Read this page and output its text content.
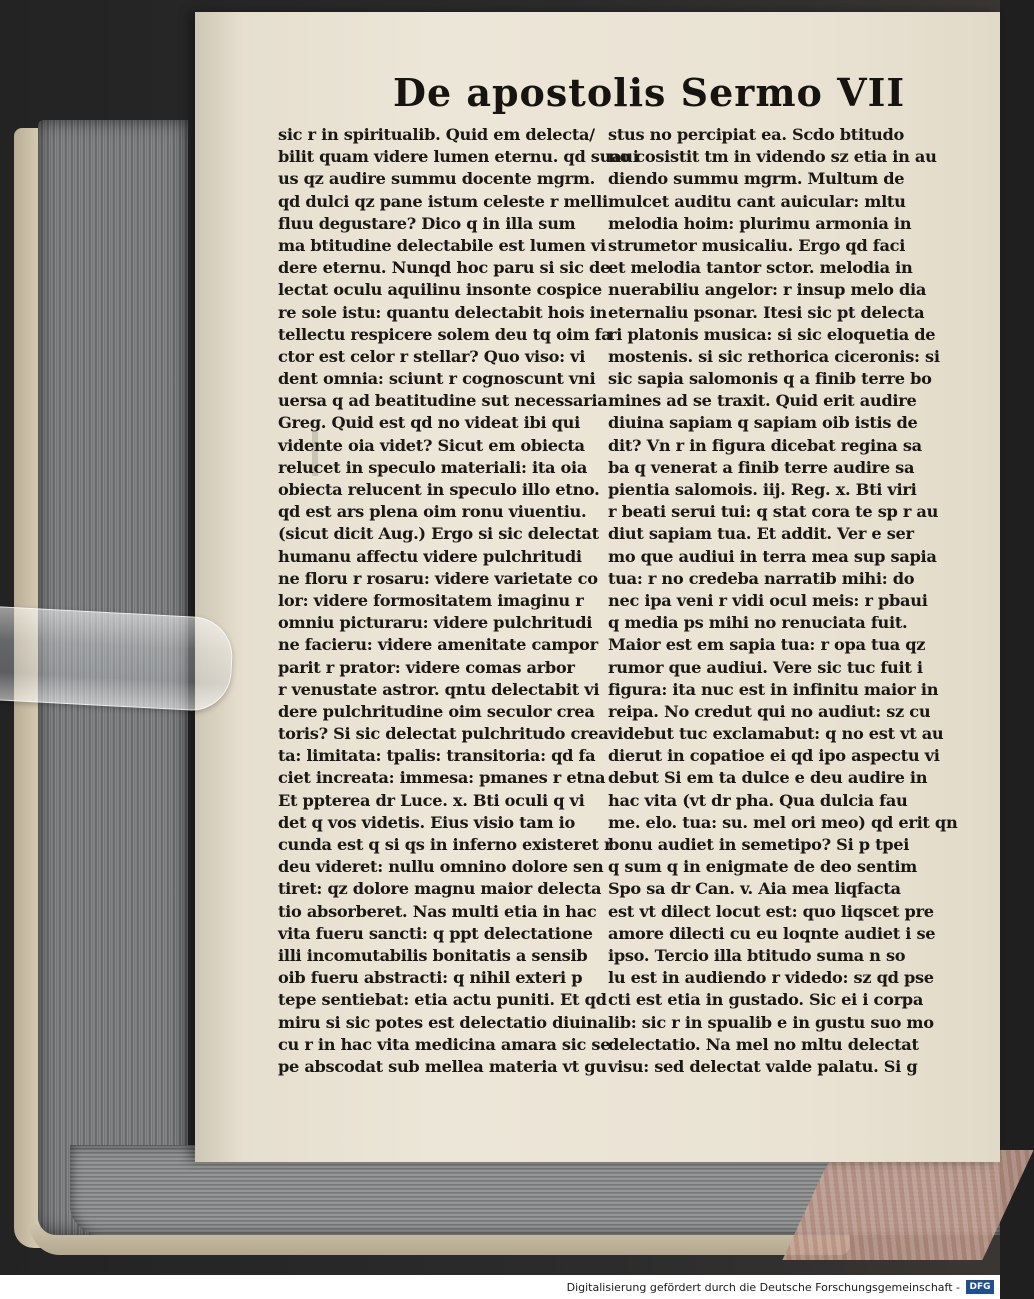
De apostolis Sermo VII
sic r in spiritualib. Quid em delecta/
bilit quam videre lumen eternu. qd suaui
us qz audire summu docente mgrm.
qd dulci qz pane istum celeste r melli
fluu degustare? Dico q in illa sum
ma btitudine delectabile est lumen vi
dere eternu. Nunqd hoc paru si sic de
lectat oculu aquilinu insonte cospice
re sole istu: quantu delectabit hois in
tellectu respicere solem deu tq oim fa
ctor est celor r stellar? Quo viso: vi
dent omnia: sciunt r cognoscunt vni
uersa q ad beatitudine sut necessaria
Greg. Quid est qd no videat ibi qui
vidente oia videt? Sicut em obiecta
relucet in speculo materiali: ita oia
obiecta relucent in speculo illo etno.
qd est ars plena oim ronu viuentiu.
(sicut dicit Aug.) Ergo si sic delectat
humanu affectu videre pulchritudi
ne floru r rosaru: videre varietate co
lor: videre formositatem imaginu r
omniu picturaru: videre pulchritudi
ne facieru: videre amenitate campor
parit r prator: videre comas arbor
r venustate astror. qntu delectabit vi
dere pulchritudine oim seculor crea
toris? Si sic delectat pulchritudo crea
ta: limitata: tpalis: transitoria: qd fa
ciet increata: immesa: pmanes r etna
Et ppterea dr Luce. x. Bti oculi q vi
det q vos videtis. Eius visio tam io
cunda est q si qs in inferno existeret r
deu videret: nullu omnino dolore sen
tiret: qz dolore magnu maior delecta
tio absorberet. Nas multi etia in hac
vita fueru sancti: q ppt delectatione
illi incomutabilis bonitatis a sensib
oib fueru abstracti: q nihil exteri p
tepe sentiebat: etia actu puniti. Et qd
miru si sic potes est delectatio diuina
cu r in hac vita medicina amara sic se
pe abscodat sub mellea materia vt gu
stus no percipiat ea. Scdo btitudo
no cosistit tm in videndo sz etia in au
diendo summu mgrm. Multum de
mulcet auditu cant auicular: mltu
melodia hoim: plurimu armonia in
strumetor musicaliu. Ergo qd faci
et melodia tantor sctor. melodia in
nuerabiliu angelor: r insup melo dia
eternaliu psonar. Itesi sic pt delecta
ri platonis musica: si sic eloquetia de
mostenis. si sic rethorica ciceronis: si
sic sapia salomonis q a finib terre bo
mines ad se traxit. Quid erit audire
diuina sapiam q sapiam oib istis de
dit? Vn r in figura dicebat regina sa
ba q venerat a finib terre audire sa
pientia salomois. iij. Reg. x. Bti viri
r beati serui tui: q stat cora te sp r au
diut sapiam tua. Et addit. Ver e ser
mo que audiui in terra mea sup sapia
tua: r no credeba narratib mihi: do
nec ipa veni r vidi ocul meis: r pbaui
q media ps mihi no renuciata fuit.
Maior est em sapia tua: r opa tua qz
rumor que audiui. Vere sic tuc fuit i
figura: ita nuc est in infinitu maior in
reipa. No credut qui no audiut: sz cu
videbut tuc exclamabut: q no est vt au
dierut in copatioe ei qd ipo aspectu vi
debut Si em ta dulce e deu audire in
hac vita (vt dr pha. Qua dulcia fau
me. elo. tua: su. mel ori meo) qd erit qn
bonu audiet in semetipo? Si p tpei
q sum q in enigmate de deo sentim
Spo sa dr Can. v. Aia mea liqfacta
est vt dilect locut est: quo liqscet pre
amore dilecti cu eu loqnte audiet i se
ipso. Tercio illa btitudo suma n so
lu est in audiendo r videdo: sz qd pse
cti est etia in gustado. Sic ei i corpa
lib: sic r in spualib e in gustu suo mo
delectatio. Na mel no mltu delectat
visu: sed delectat valde palatu. Si g
Digitalisierung gefördert durch die Deutsche Forschungsgemeinschaft -	DFG
